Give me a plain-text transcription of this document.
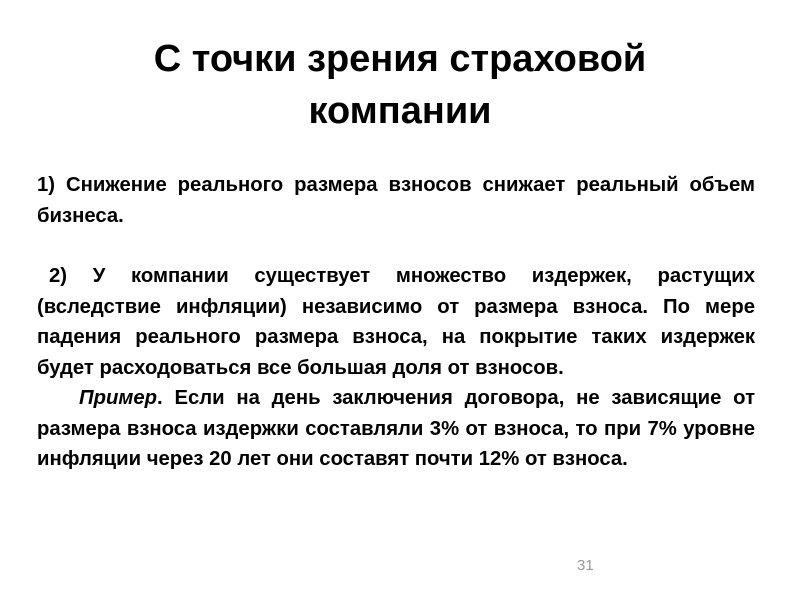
С точки зрения страховой компании

1) Снижение реального размера взносов снижает реальный объем бизнеса.

2) У компании существует множество издержек, растущих (вследствие инфляции) независимо от размера взноса. По мере падения реального размера взноса, на покрытие таких издержек будет расходоваться все большая доля от взносов.

Пример. Если на день заключения договора, не зависящие от размера взноса издержки составляли 3% от взноса, то при 7% уровне инфляции через 20 лет они составят почти 12% от взноса.

31
